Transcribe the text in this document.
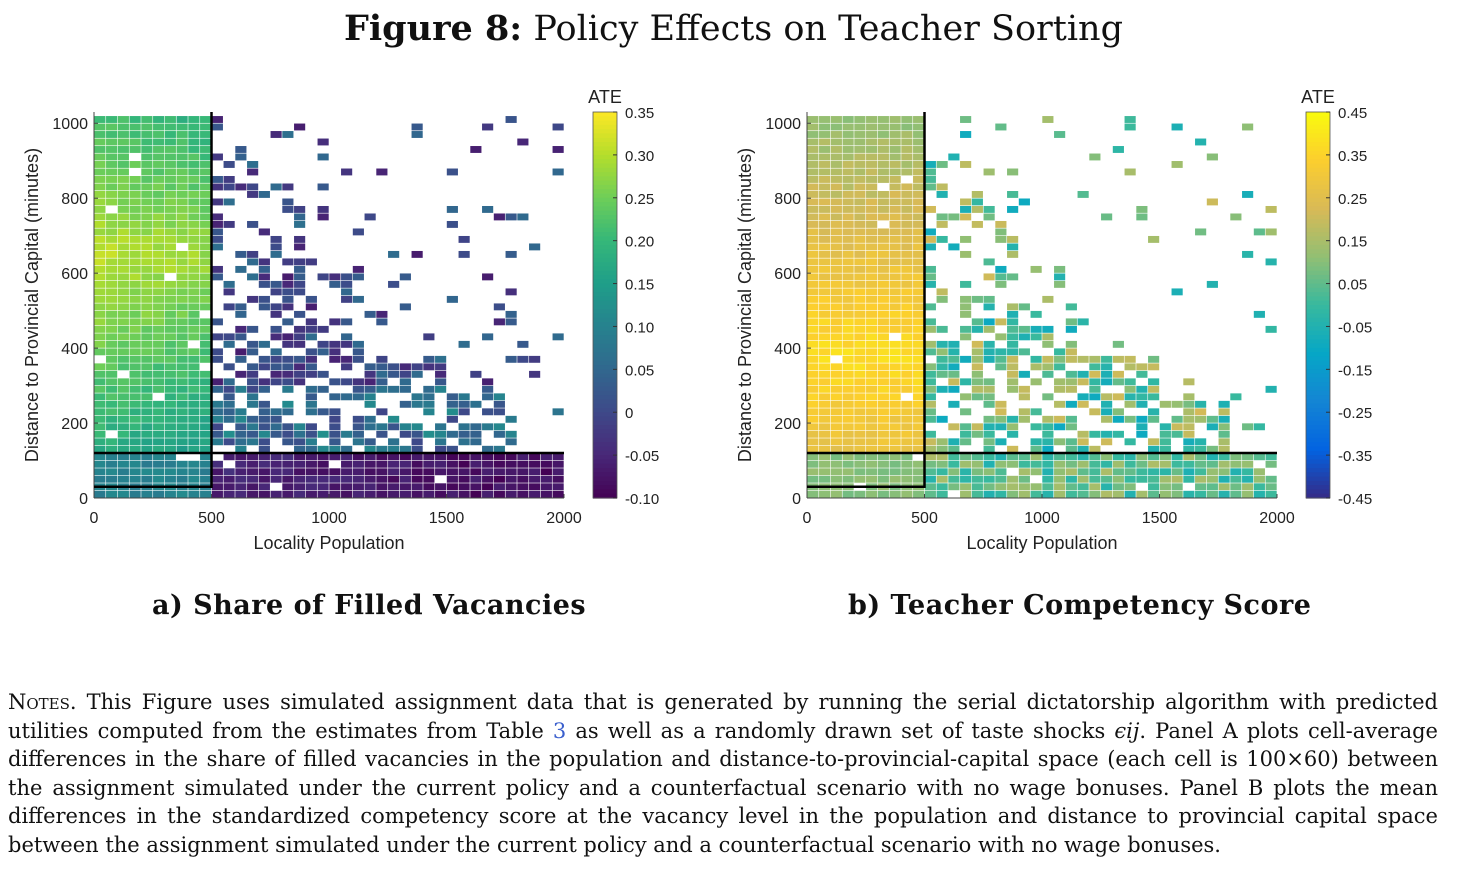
Figure 8: Policy Effects on Teacher Sorting
0	500	1000	1500	2000
0
200
400
600
800
1000
Locality Population
Distance to Provincial Capital (minutes)
ATE
0.35
0.30
0.25
0.20
0.15
0.10
0.05
0
-0.05
-0.10
0	500	1000	1500	2000
0
200
400
600
800
1000
Locality Population
Distance to Provincial Capital (minutes)
ATE
0.45
0.35
0.25
0.15
0.05
-0.05
-0.15
-0.25
-0.35
-0.45
a) Share of Filled Vacancies	b) Teacher Competency Score
Notes. This Figure uses simulated assignment data that is generated by running the serial dictatorship algorithm with predicted utilities computed from the estimates from Table 3 as well as a randomly drawn set of taste shocks ϵij. Panel A plots cell-average differences in the share of filled vacancies in the population and distance-to-provincial-capital space (each cell is 100×60) between the assignment simulated under the current policy and a counterfactual scenario with no wage bonuses. Panel B plots the mean differences in the standardized competency score at the vacancy level in the population and distance to provincial capital space between the assignment simulated under the current policy and a counterfactual scenario with no wage bonuses.
